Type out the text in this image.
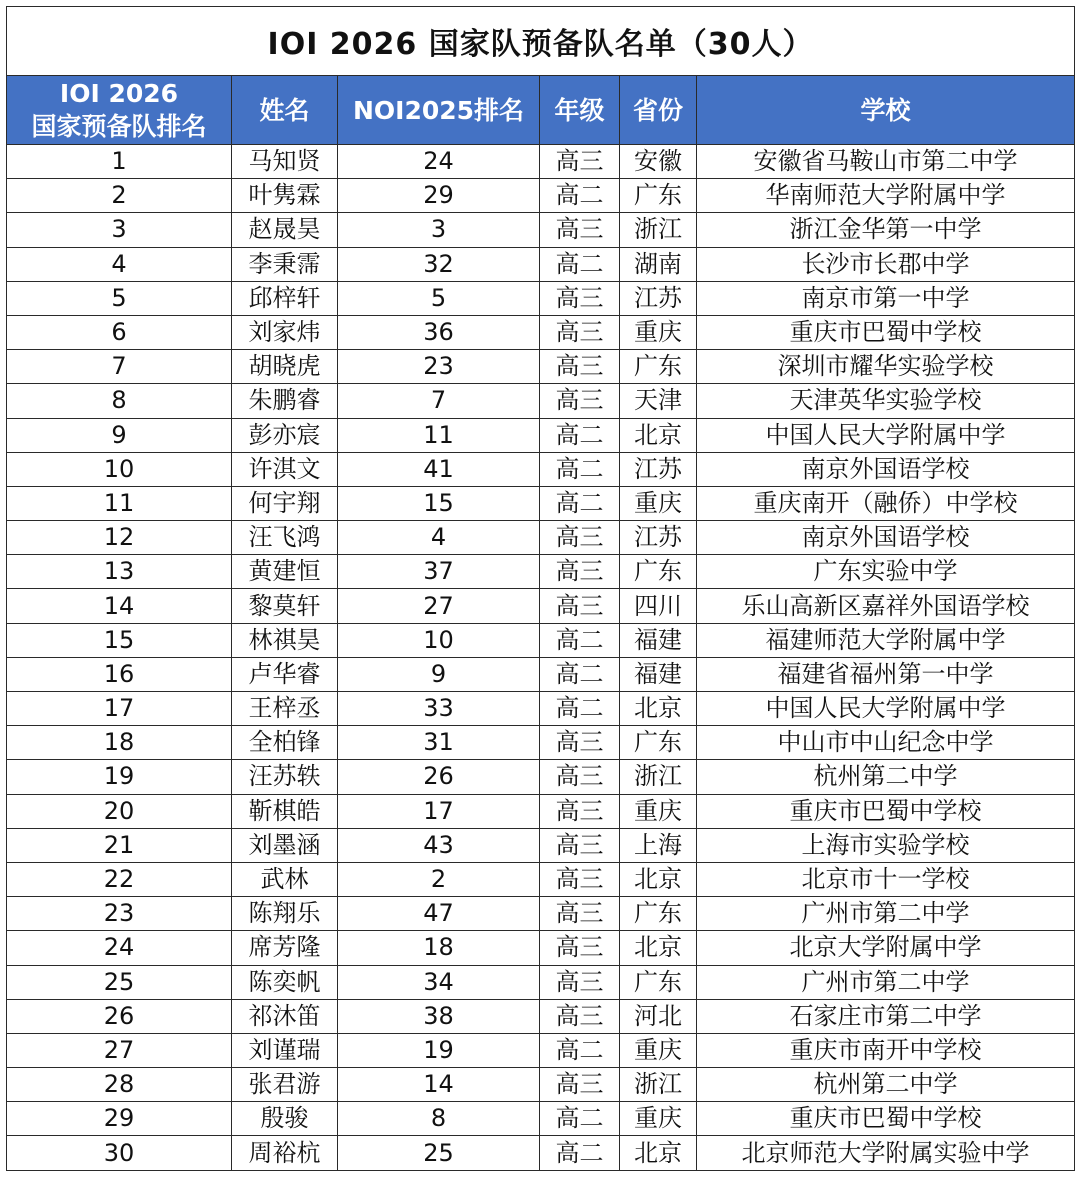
IOI 2026 国家队预备队名单（30人）					

IOI 2026
国家预备队排名	姓名	NOI2025排名	年级	省份	学校
1	马知贤	24	高三	安徽	安徽省马鞍山市第二中学
2	叶隽霖	29	高二	广东	华南师范大学附属中学
3	赵晟昊	3	高三	浙江	浙江金华第一中学
4	李秉霈	32	高二	湖南	长沙市长郡中学
5	邱梓轩	5	高三	江苏	南京市第一中学
6	刘家炜	36	高三	重庆	重庆市巴蜀中学校
7	胡晓虎	23	高三	广东	深圳市耀华实验学校
8	朱鹏睿	7	高三	天津	天津英华实验学校
9	彭亦宸	11	高二	北京	中国人民大学附属中学
10	许淇文	41	高二	江苏	南京外国语学校
11	何宇翔	15	高二	重庆	重庆南开（融侨）中学校
12	汪飞鸿	4	高三	江苏	南京外国语学校
13	黄建恒	37	高三	广东	广东实验中学
14	黎莫轩	27	高三	四川	乐山高新区嘉祥外国语学校
15	林祺昊	10	高二	福建	福建师范大学附属中学
16	卢华睿	9	高二	福建	福建省福州第一中学
17	王梓丞	33	高二	北京	中国人民大学附属中学
18	全柏锋	31	高三	广东	中山市中山纪念中学
19	汪苏轶	26	高三	浙江	杭州第二中学
20	靳棋皓	17	高三	重庆	重庆市巴蜀中学校
21	刘墨涵	43	高三	上海	上海市实验学校
22	武林	2	高三	北京	北京市十一学校
23	陈翔乐	47	高三	广东	广州市第二中学
24	席芳隆	18	高三	北京	北京大学附属中学
25	陈奕帆	34	高三	广东	广州市第二中学
26	祁沐笛	38	高三	河北	石家庄市第二中学
27	刘谨瑞	19	高二	重庆	重庆市南开中学校
28	张君游	14	高三	浙江	杭州第二中学
29	殷骏	8	高二	重庆	重庆市巴蜀中学校
30	周裕杭	25	高二	北京	北京师范大学附属实验中学
